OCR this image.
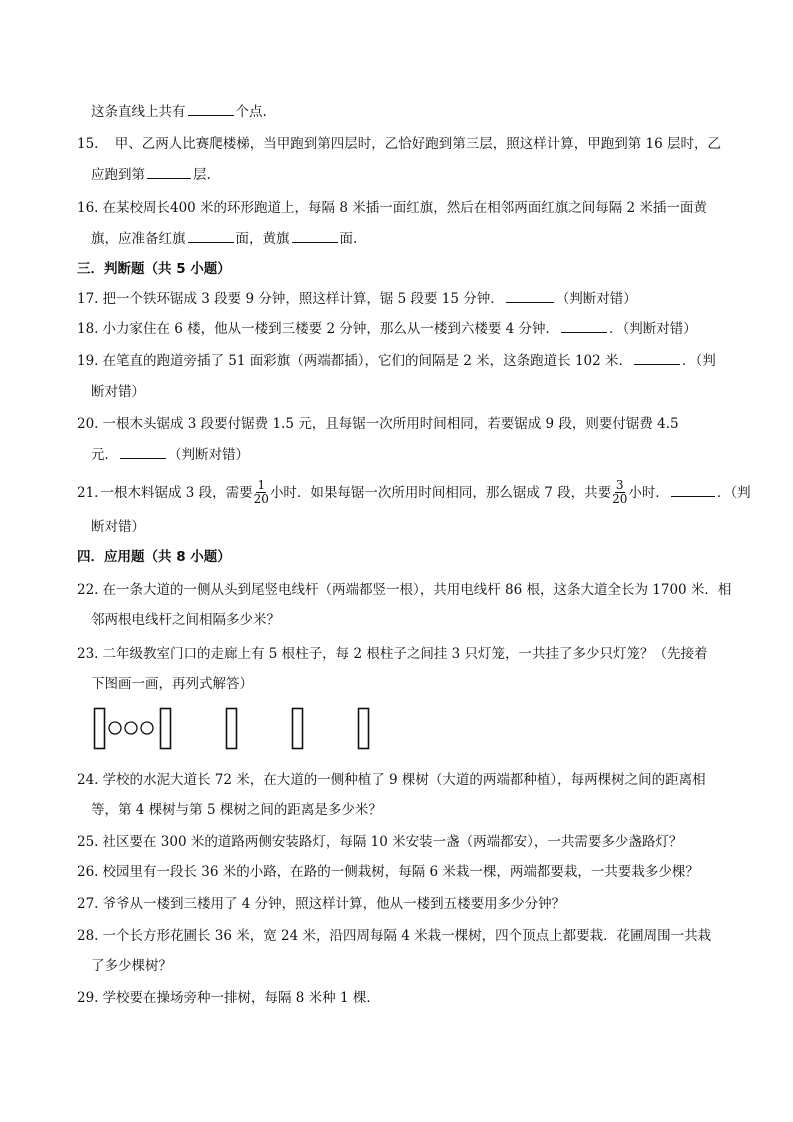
这条直线上共有	个点.
15. 甲、乙两人比赛爬楼梯，当甲跑到第四层时，乙恰好跑到第三层，照这样计算，甲跑到第 16 层时，乙
应跑到第	层.
16. 在某校周长400 米的环形跑道上，每隔 8 米插一面红旗，然后在相邻两面红旗之间每隔 2 米插一面黄
旗，应准备红旗	面，黄旗	面.
三．判断题（共 5 小题）
17. 把一个铁环锯成 3 段要 9 分钟，照这样计算，锯 5 段要 15 分钟．	（判断对错）
18. 小力家住在 6 楼，他从一楼到三楼要 2 分钟，那么从一楼到六楼要 4 分钟．	．（判断对错）
19. 在笔直的跑道旁插了 51 面彩旗（两端都插），它们的间隔是 2 米，这条跑道长 102 米．	．（判
断对错）
20. 一根木头锯成 3 段要付锯费 1.5 元，且每锯一次所用时间相同，若要锯成 9 段，则要付锯费 4.5
元．	（判断对错）
21. 一根木料锯成 3 段，需要 $\frac{1}{20}$ 小时．如果每锯一次所用时间相同，那么锯成 7 段，共要 $\frac{3}{20}$ 小时．	．（判
断对错）
四．应用题（共 8 小题）
22. 在一条大道的一侧从头到尾竖电线杆（两端都竖一根），共用电线杆 86 根，这条大道全长为 1700 米．相
邻两根电线杆之间相隔多少米？
23. 二年级教室门口的走廊上有 5 根柱子，每 2 根柱子之间挂 3 只灯笼，一共挂了多少只灯笼？（先接着
下图画一画，再列式解答）
24. 学校的水泥大道长 72 米，在大道的一侧种植了 9 棵树（大道的两端都种植），每两棵树之间的距离相
等，第 4 棵树与第 5 棵树之间的距离是多少米？
25. 社区要在 300 米的道路两侧安装路灯，每隔 10 米安装一盏（两端都安），一共需要多少盏路灯？
26. 校园里有一段长 36 米的小路，在路的一侧栽树，每隔 6 米栽一棵，两端都要栽，一共要栽多少棵？
27. 爷爷从一楼到三楼用了 4 分钟，照这样计算，他从一楼到五楼要用多少分钟？
28. 一个长方形花圃长 36 米，宽 24 米，沿四周每隔 4 米栽一棵树，四个顶点上都要栽．花圃周围一共栽
了多少棵树？
29. 学校要在操场旁种一排树，每隔 8 米种 1 棵．
